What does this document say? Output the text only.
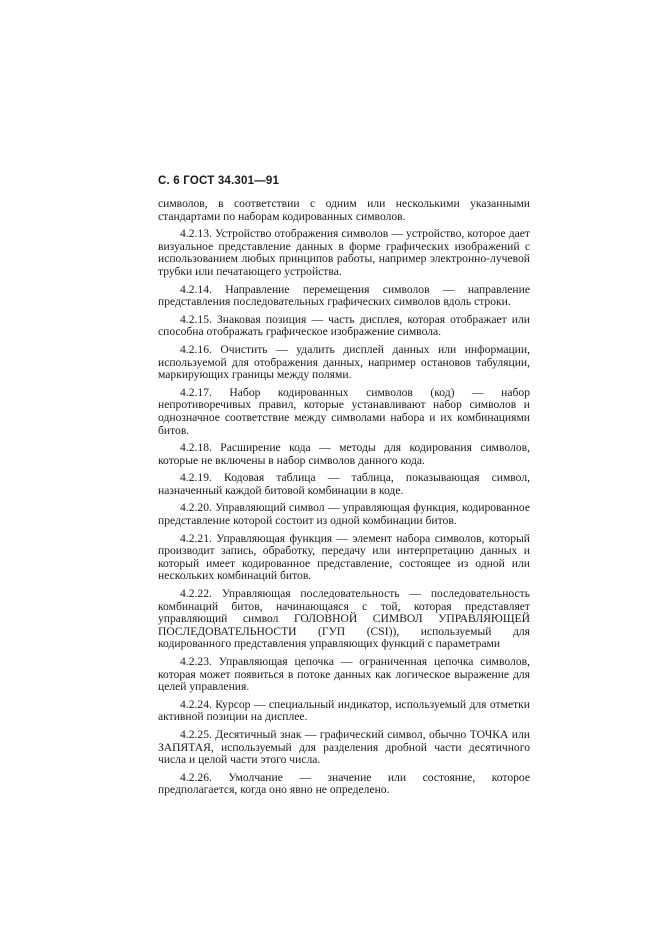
С. 6 ГОСТ 34.301—91

символов, в соответствии с одним или несколькими указанными стандартами по наборам кодированных символов.

4.2.13. Устройство отображения символов — устройство, которое дает визуальное представление данных в форме графических изображений с использованием любых принципов работы, например электронно-лучевой трубки или печатающего устройства.

4.2.14. Направление перемещения символов — направление представления последовательных графических символов вдоль строки.

4.2.15. Знаковая позиция — часть дисплея, которая отображает или способна отображать графическое изображение символа.

4.2.16. Очистить — удалить дисплей данных или информации, используемой для отображения данных, например остановов табуляции, маркирующих границы между полями.

4.2.17. Набор кодированных символов (код) — набор непротиворечивых правил, которые устанавливают набор символов и однозначное соответствие между символами набора и их комбинациями битов.

4.2.18. Расширение кода — методы для кодирования символов, которые не включены в набор символов данного кода.

4.2.19. Кодовая таблица — таблица, показывающая символ, назначенный каждой битовой комбинации в коде.

4.2.20. Управляющий символ — управляющая функция, кодированное представление которой состоит из одной комбинации битов.

4.2.21. Управляющая функция — элемент набора символов, который производит запись, обработку, передачу или интерпретацию данных и который имеет кодированное представление, состоящее из одной или нескольких комбинаций битов.

4.2.22. Управляющая последовательность — последовательность комбинаций битов, начинающаяся с той, которая представляет управляющий символ ГОЛОВНОЙ СИМВОЛ УПРАВЛЯЮЩЕЙ ПОСЛЕДОВАТЕЛЬНОСТИ (ГУП (CSI)), используемый для кодированного представления управляющих функций с параметрами

4.2.23. Управляющая цепочка — ограниченная цепочка символов, которая может появиться в потоке данных как логическое выражение для целей управления.

4.2.24. Курсор — специальный индикатор, используемый для отметки активной позиции на дисплее.

4.2.25. Десятичный знак — графический символ, обычно ТОЧКА или ЗАПЯТАЯ, используемый для разделения дробной части десятичного числа и целой части этого числа.

4.2.26. Умолчание — значение или состояние, которое предполагается, когда оно явно не определено.
